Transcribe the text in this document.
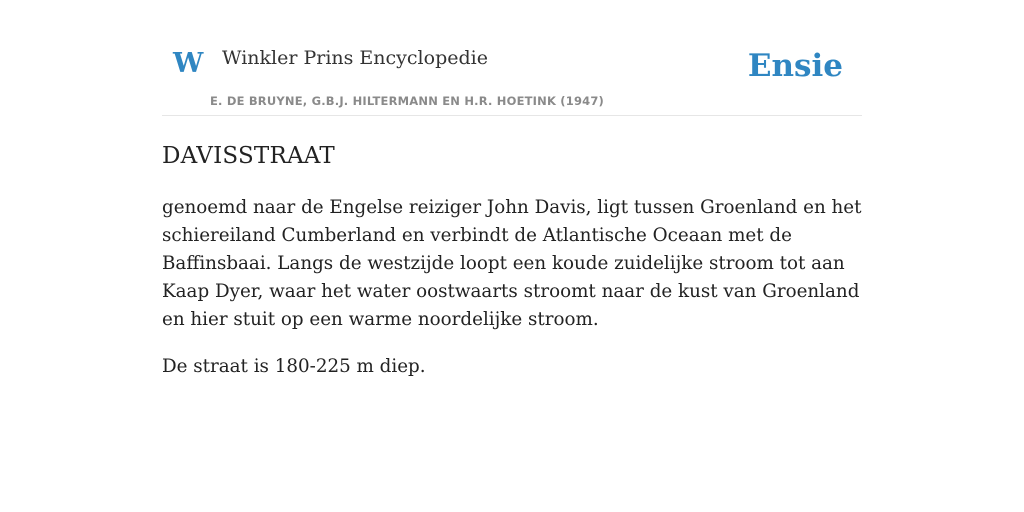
W Winkler Prins Encyclopedie
E. DE BRUYNE, G.B.J. HILTERMANN EN H.R. HOETINK (1947)
Ensie
DAVISSTRAAT

genoemd naar de Engelse reiziger John Davis, ligt tussen Groenland en het schiereiland Cumberland en verbindt de Atlantische Oceaan met de Baffinsbaai. Langs de westzijde loopt een koude zuidelijke stroom tot aan Kaap Dyer, waar het water oostwaarts stroomt naar de kust van Groenland en hier stuit op een warme noordelijke stroom.

De straat is 180-225 m diep.
